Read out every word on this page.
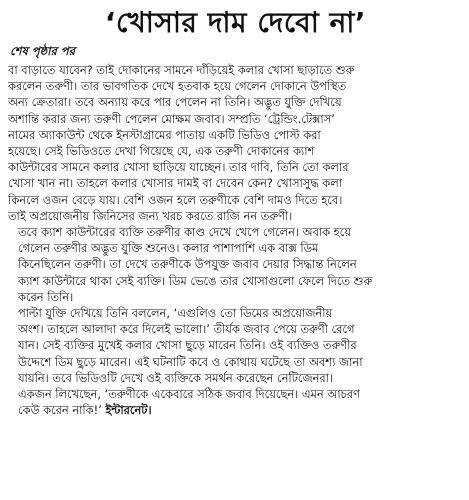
‘খোসার দাম দেবো না’
শেষ পৃষ্ঠার পর

বা বাড়াতে যাবেন? তাই দোকানের সামনে দাঁড়িয়েই কলার খোসা ছাড়াতে শুরু
করলেন তরুণী। তার ভাবগতিক দেখে হতবাক হয়ে গেলেন দোকানে উপস্থিত
অন্য ক্রেতারা। তবে অন্যায় করে পার পেলেন না তিনি। অদ্ভুত যুক্তি দেখিয়ে
অশান্তি করার জন্য তরুণী পেলেন মোক্ষম জবাব। সম্প্রতি ‘ট্রেন্ডিং.টেক্সাস’
নামের অ্যাকাউন্ট থেকে ইনস্টাগ্রামের পাতায় একটি ভিডিও পোস্ট করা
হয়েছে। সেই ভিডিওতে দেখা গিয়েছে যে, এক তরুণী দোকানের ক্যাশ
কাউন্টারের সামনে কলার খোসা ছাড়িয়ে যাচ্ছেন। তার দাবি, তিনি তো কলার
খোসা খান না। তাহলে কলার খোসার দামই বা দেবেন কেন? খোসাসুদ্ধ কলা
কিনলে ওজন বেড়ে যায়। বেশি ওজন হলে তরুণীকে বেশি দামও দিতে হবে।
তাই অপ্রয়োজনীয় জিনিসের জন্য খরচ করতে রাজি নন তরুণী।

তবে ক্যাশ কাউন্টারের ব্যক্তি তরুণীর কাণ্ড দেখে খেপে গেলেন। অবাক হয়ে
গেলেন তরুণীর অদ্ভুত যুক্তি শুনেও। কলার পাশাপাশি এক বাক্স ডিম
কিনেছিলেন তরুণী। তা দেখে তরুণীকে উপযুক্ত জবাব দেয়ার সিদ্ধান্ত নিলেন
ক্যাশ কাউন্টারে থাকা সেই ব্যক্তি। ডিম ভেঙে তার খোসাগুলো ফেলে দিতে শুরু
করেন তিনি।

পাল্টা যুক্তি দেখিয়ে তিনি বললেন, ‘এগুলিও তো ডিমের অপ্রয়োজনীয়
অংশ। তাহলে আলাদা করে দিলেই ভালো।’ তীর্যক জবাব পেয়ে তরুণী রেগে
যান। সেই ব্যক্তির মুখেই কলার খোসা ছুড়ে মারেন তিনি। ওই ব্যক্তিও তরুণীর
উদ্দেশে ডিম ছুড়ে মারেন। এই ঘটনাটি কবে ও কোথায় ঘটেছে তা অবশ্য জানা
যায়নি। তবে ভিডিওটি দেখে ওই ব্যক্তিকে সমর্থন করেছেন নেটিজেনরা।
একজন লিখেছেন, ‘তরুণীকে একেবারে সঠিক জবাব দিয়েছেন। এমন আচরণ
কেউ করেন নাকি!’ ইন্টারনেট।
